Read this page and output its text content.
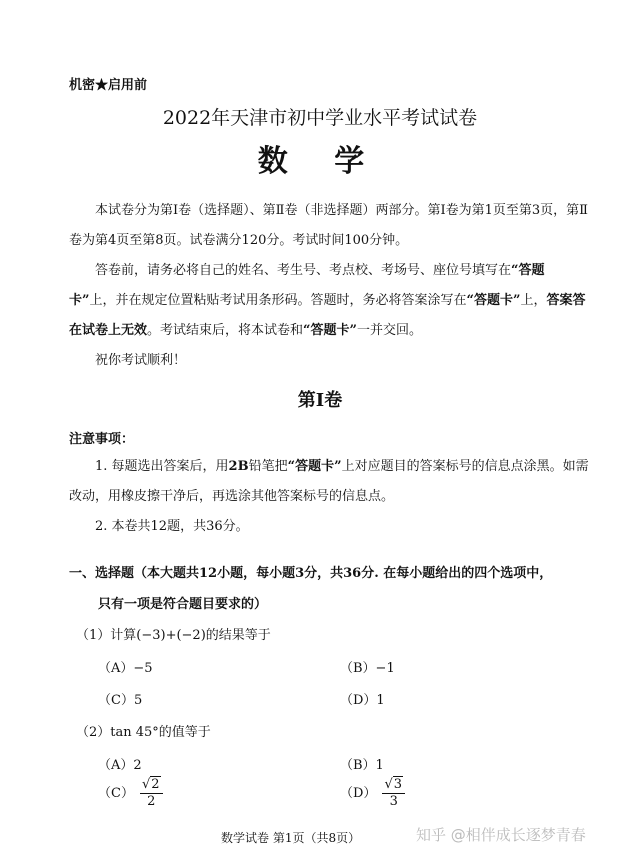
机密★启用前
2022年天津市初中学业水平考试试卷
数 学

本试卷分为第Ⅰ卷（选择题）、第Ⅱ卷（非选择题）两部分。第Ⅰ卷为第1页至第3页，第Ⅱ卷为第4页至第8页。试卷满分120分。考试时间100分钟。

答卷前，请务必将自己的姓名、考生号、考点校、考场号、座位号填写在“答题卡”上，并在规定位置粘贴考试用条形码。答题时，务必将答案涂写在“答题卡”上，答案答在试卷上无效。考试结束后，将本试卷和“答题卡”一并交回。

祝你考试顺利！

第Ⅰ卷
注意事项：

1. 每题选出答案后，用2B铅笔把“答题卡”上对应题目的答案标号的信息点涂黑。如需改动，用橡皮擦干净后，再选涂其他答案标号的信息点。

2. 本卷共12题，共36分。

一、选择题（本大题共12小题，每小题3分，共36分. 在每小题给出的四个选项中，
只有一项是符合题目要求的）
（1）计算(−3)+(−2)的结果等于
（A）−5	（B）−1
（C）5	（D）1
（2）tan 45°的值等于
（A）2	（B）1
$(C) \frac{√2}{2}$	$(D) \frac{√3}{3}$
数学试卷 第1页（共8页）	知乎 @相伴成长逐梦青春
